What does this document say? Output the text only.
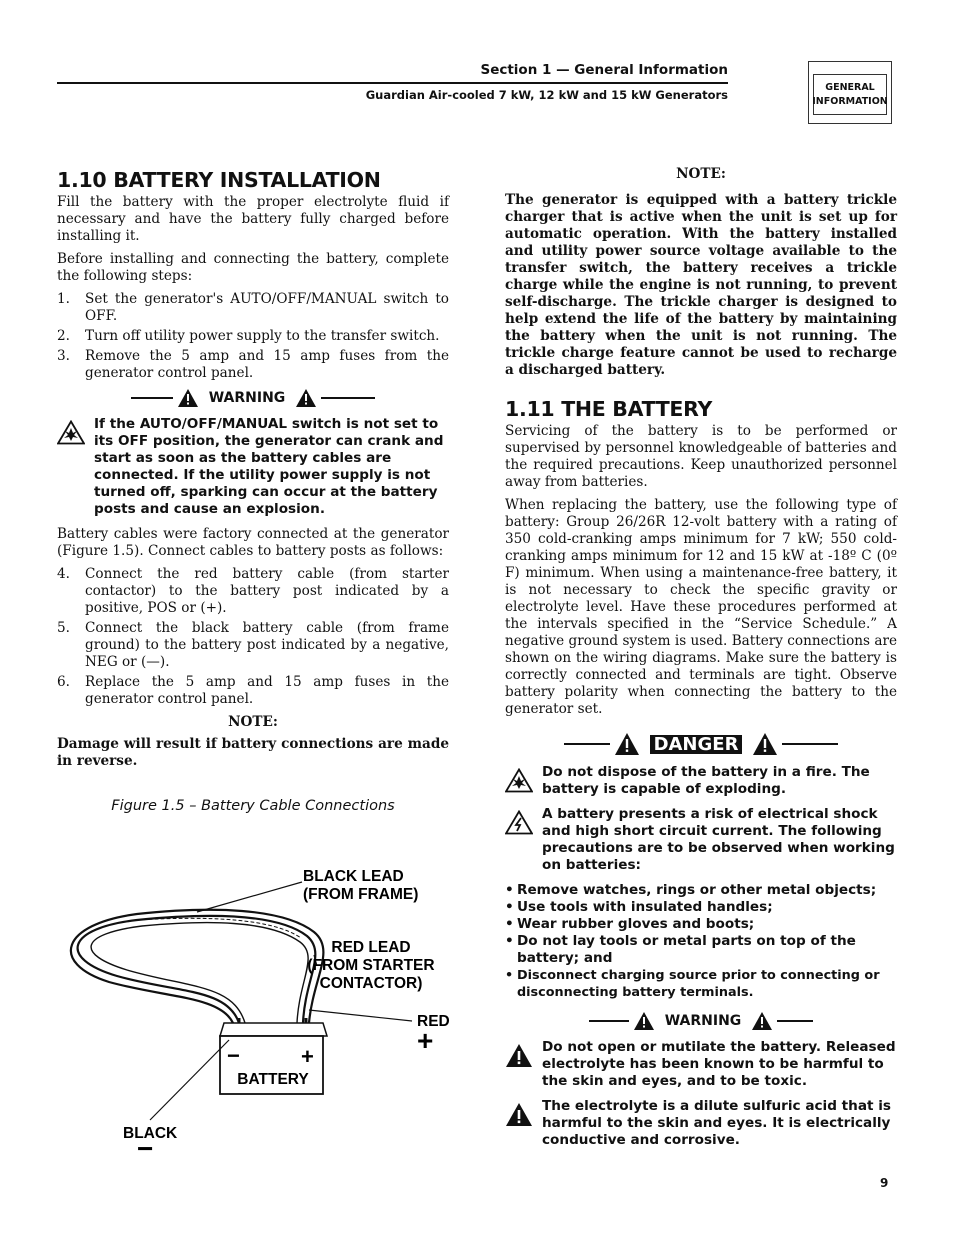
Section 1 — General Information
Guardian Air-cooled 7 kW, 12 kW and 15 kW Generators
GENERAL
INFORMATION
1.10 BATTERY INSTALLATION

Fill the battery with the proper electrolyte fluid if necessary and have the battery fully charged before installing it.

Before installing and connecting the battery, complete the following steps:

1. Set the generator's AUTO/OFF/MANUAL switch to OFF.
2. Turn off utility power supply to the transfer switch.
3. Remove the 5 amp and 15 amp fuses from the generator control panel.
WARNING
If the AUTO/OFF/MANUAL switch is not set to its OFF position, the generator can crank and start as soon as the battery cables are connected. If the utility power supply is not turned off, sparking can occur at the battery posts and cause an explosion.

Battery cables were factory connected at the generator (Figure 1.5). Connect cables to battery posts as follows:

4. Connect the red battery cable (from starter contactor) to the battery post indicated by a positive, POS or (+).
5. Connect the black battery cable (from frame ground) to the battery post indicated by a negative, NEG or (—).
6. Replace the 5 amp and 15 amp fuses in the generator control panel.
NOTE:
Damage will result if battery connections are made in reverse.
Figure 1.5 – Battery Cable Connections
BLACK LEAD
(FROM FRAME)
RED LEAD
(FROM STARTER
CONTACTOR)
RED
+
−	+
BATTERY
BLACK
−
NOTE:
The generator is equipped with a battery trickle charger that is active when the unit is set up for automatic operation. With the battery installed and utility power source voltage available to the transfer switch, the battery receives a trickle charge while the engine is not running, to prevent self-discharge. The trickle charger is designed to help extend the life of the battery by maintaining the battery when the unit is not running. The trickle charge feature cannot be used to recharge a discharged battery.
1.11 THE BATTERY

Servicing of the battery is to be performed or supervised by personnel knowledgeable of batteries and the required precautions. Keep unauthorized personnel away from batteries.

When replacing the battery, use the following type of battery: Group 26/26R 12-volt battery with a rating of 350 cold-cranking amps minimum for 7 kW; 550 cold-cranking amps minimum for 12 and 15 kW at -18º C (0º F) minimum. When using a maintenance-free battery, it is not necessary to check the specific gravity or electrolyte level. Have these procedures performed at the intervals specified in the “Service Schedule.” A negative ground system is used. Battery connections are shown on the wiring diagrams. Make sure the battery is correctly connected and terminals are tight. Observe battery polarity when connecting the battery to the generator set.

DANGER
Do not dispose of the battery in a fire. The battery is capable of exploding.
A battery presents a risk of electrical shock and high short circuit current. The following precautions are to be observed when working on batteries:
• Remove watches, rings or other metal objects;
• Use tools with insulated handles;
• Wear rubber gloves and boots;
• Do not lay tools or metal parts on top of the battery; and
• Disconnect charging source prior to connecting or disconnecting battery terminals.
WARNING
Do not open or mutilate the battery. Released electrolyte has been known to be harmful to the skin and eyes, and to be toxic.
The electrolyte is a dilute sulfuric acid that is harmful to the skin and eyes. It is electrically conductive and corrosive.
9
